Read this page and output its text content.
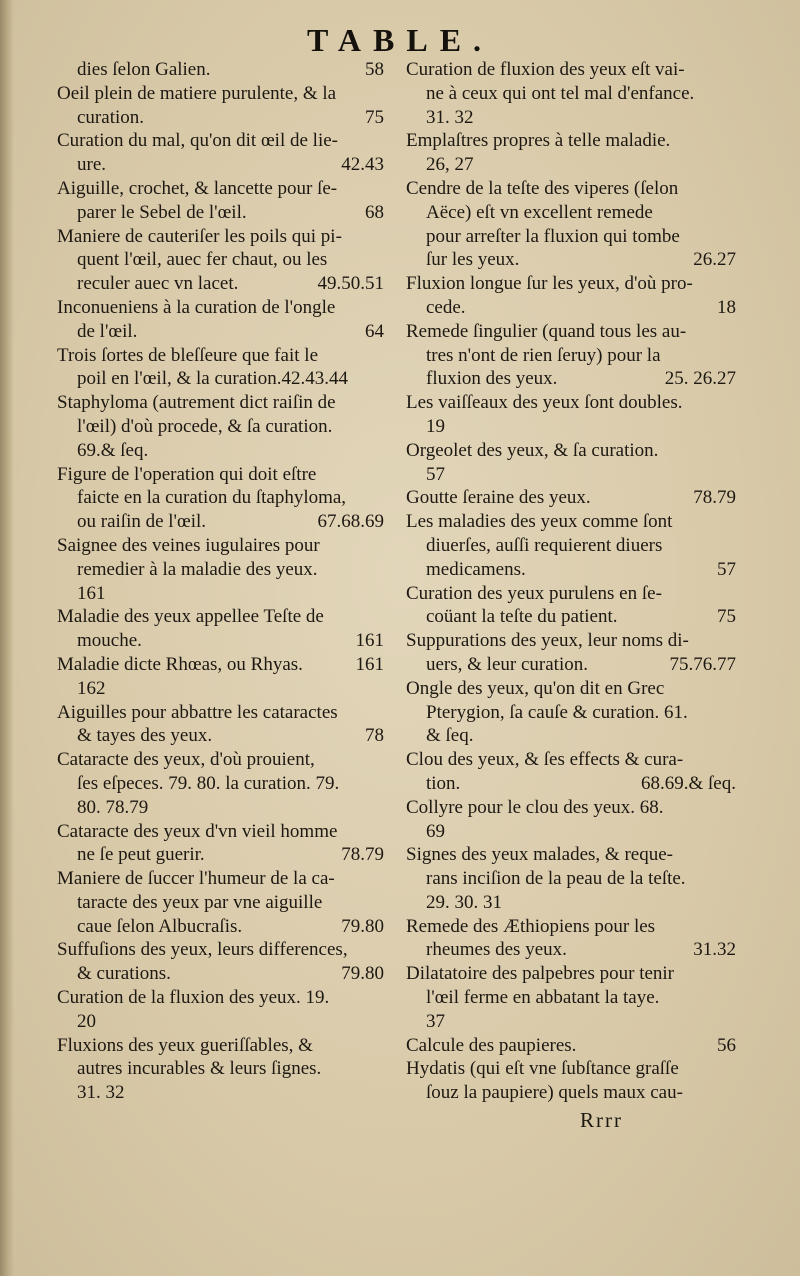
TABLE.
58
dies ſelon Galien.
Oeil plein de matiere purulente, & la
75
curation.
Curation du mal, qu'on dit œil de lie-
42.43
ure.
Aiguille, crochet, & lancette pour ſe-
68
parer le Sebel de l'œil.
Maniere de cauteriſer les poils qui pi-
quent l'œil, auec fer chaut, ou les
49.50.51
reculer auec vn lacet.
Inconueniens à la curation de l'ongle
64
de l'œil.
Trois ſortes de bleſſeure que fait le
poil en l'œil, & la curation.42.43.44
Staphyloma (autrement dict raiſin de
l'œil) d'où procede, & ſa curation.
69.& ſeq.
Figure de l'operation qui doit eſtre
faicte en la curation du ſtaphyloma,
67.68.69
ou raiſin de l'œil.
Saignee des veines iugulaires pour
remedier à la maladie des yeux.
161
Maladie des yeux appellee Teſte de
161
mouche.
161
Maladie dicte Rhœas, ou Rhyas.
162
Aiguilles pour abbattre les cataractes
78
& tayes des yeux.
Cataracte des yeux, d'où prouient,
ſes eſpeces. 79. 80. la curation. 79.
80. 78.79
Cataracte des yeux d'vn vieil homme
78.79
ne ſe peut guerir.
Maniere de ſuccer l'humeur de la ca-
taracte des yeux par vne aiguille
79.80
caue ſelon Albucraſis.
Suffuſions des yeux, leurs differences,
79.80
& curations.
Curation de la fluxion des yeux. 19.
20
Fluxions des yeux gueriſſables, &
autres incurables & leurs ſignes.
31. 32
Curation de fluxion des yeux eſt vai-
ne à ceux qui ont tel mal d'enfance.
31. 32
Emplaſtres propres à telle maladie.
26, 27
Cendre de la teſte des viperes (ſelon
Aëce) eſt vn excellent remede
pour arreſter la fluxion qui tombe
26.27
ſur les yeux.
Fluxion longue ſur les yeux, d'où pro-
18
cede.
Remede ſingulier (quand tous les au-
tres n'ont de rien ſeruy) pour la
25. 26.27
fluxion des yeux.
Les vaiſſeaux des yeux ſont doubles.
19
Orgeolet des yeux, & ſa curation.
57
78.79
Goutte ſeraine des yeux.
Les maladies des yeux comme ſont
diuerſes, auſſi requierent diuers
57
medicamens.
Curation des yeux purulens en ſe-
75
coüant la teſte du patient.
Suppurations des yeux, leur noms di-
75.76.77
uers, & leur curation.
Ongle des yeux, qu'on dit en Grec
Pterygion, ſa cauſe & curation. 61.
& ſeq.
Clou des yeux, & ſes effects & cura-
68.69.& ſeq.
tion.
Collyre pour le clou des yeux. 68.
69
Signes des yeux malades, & reque-
rans inciſion de la peau de la teſte.
29. 30. 31
Remede des Æthiopiens pour les
31.32
rheumes des yeux.
Dilatatoire des palpebres pour tenir
l'œil ferme en abbatant la taye.
37
56
Calcule des paupieres.
Hydatis (qui eſt vne ſubſtance graſſe
ſouz la paupiere) quels maux cau-
Rrrr
